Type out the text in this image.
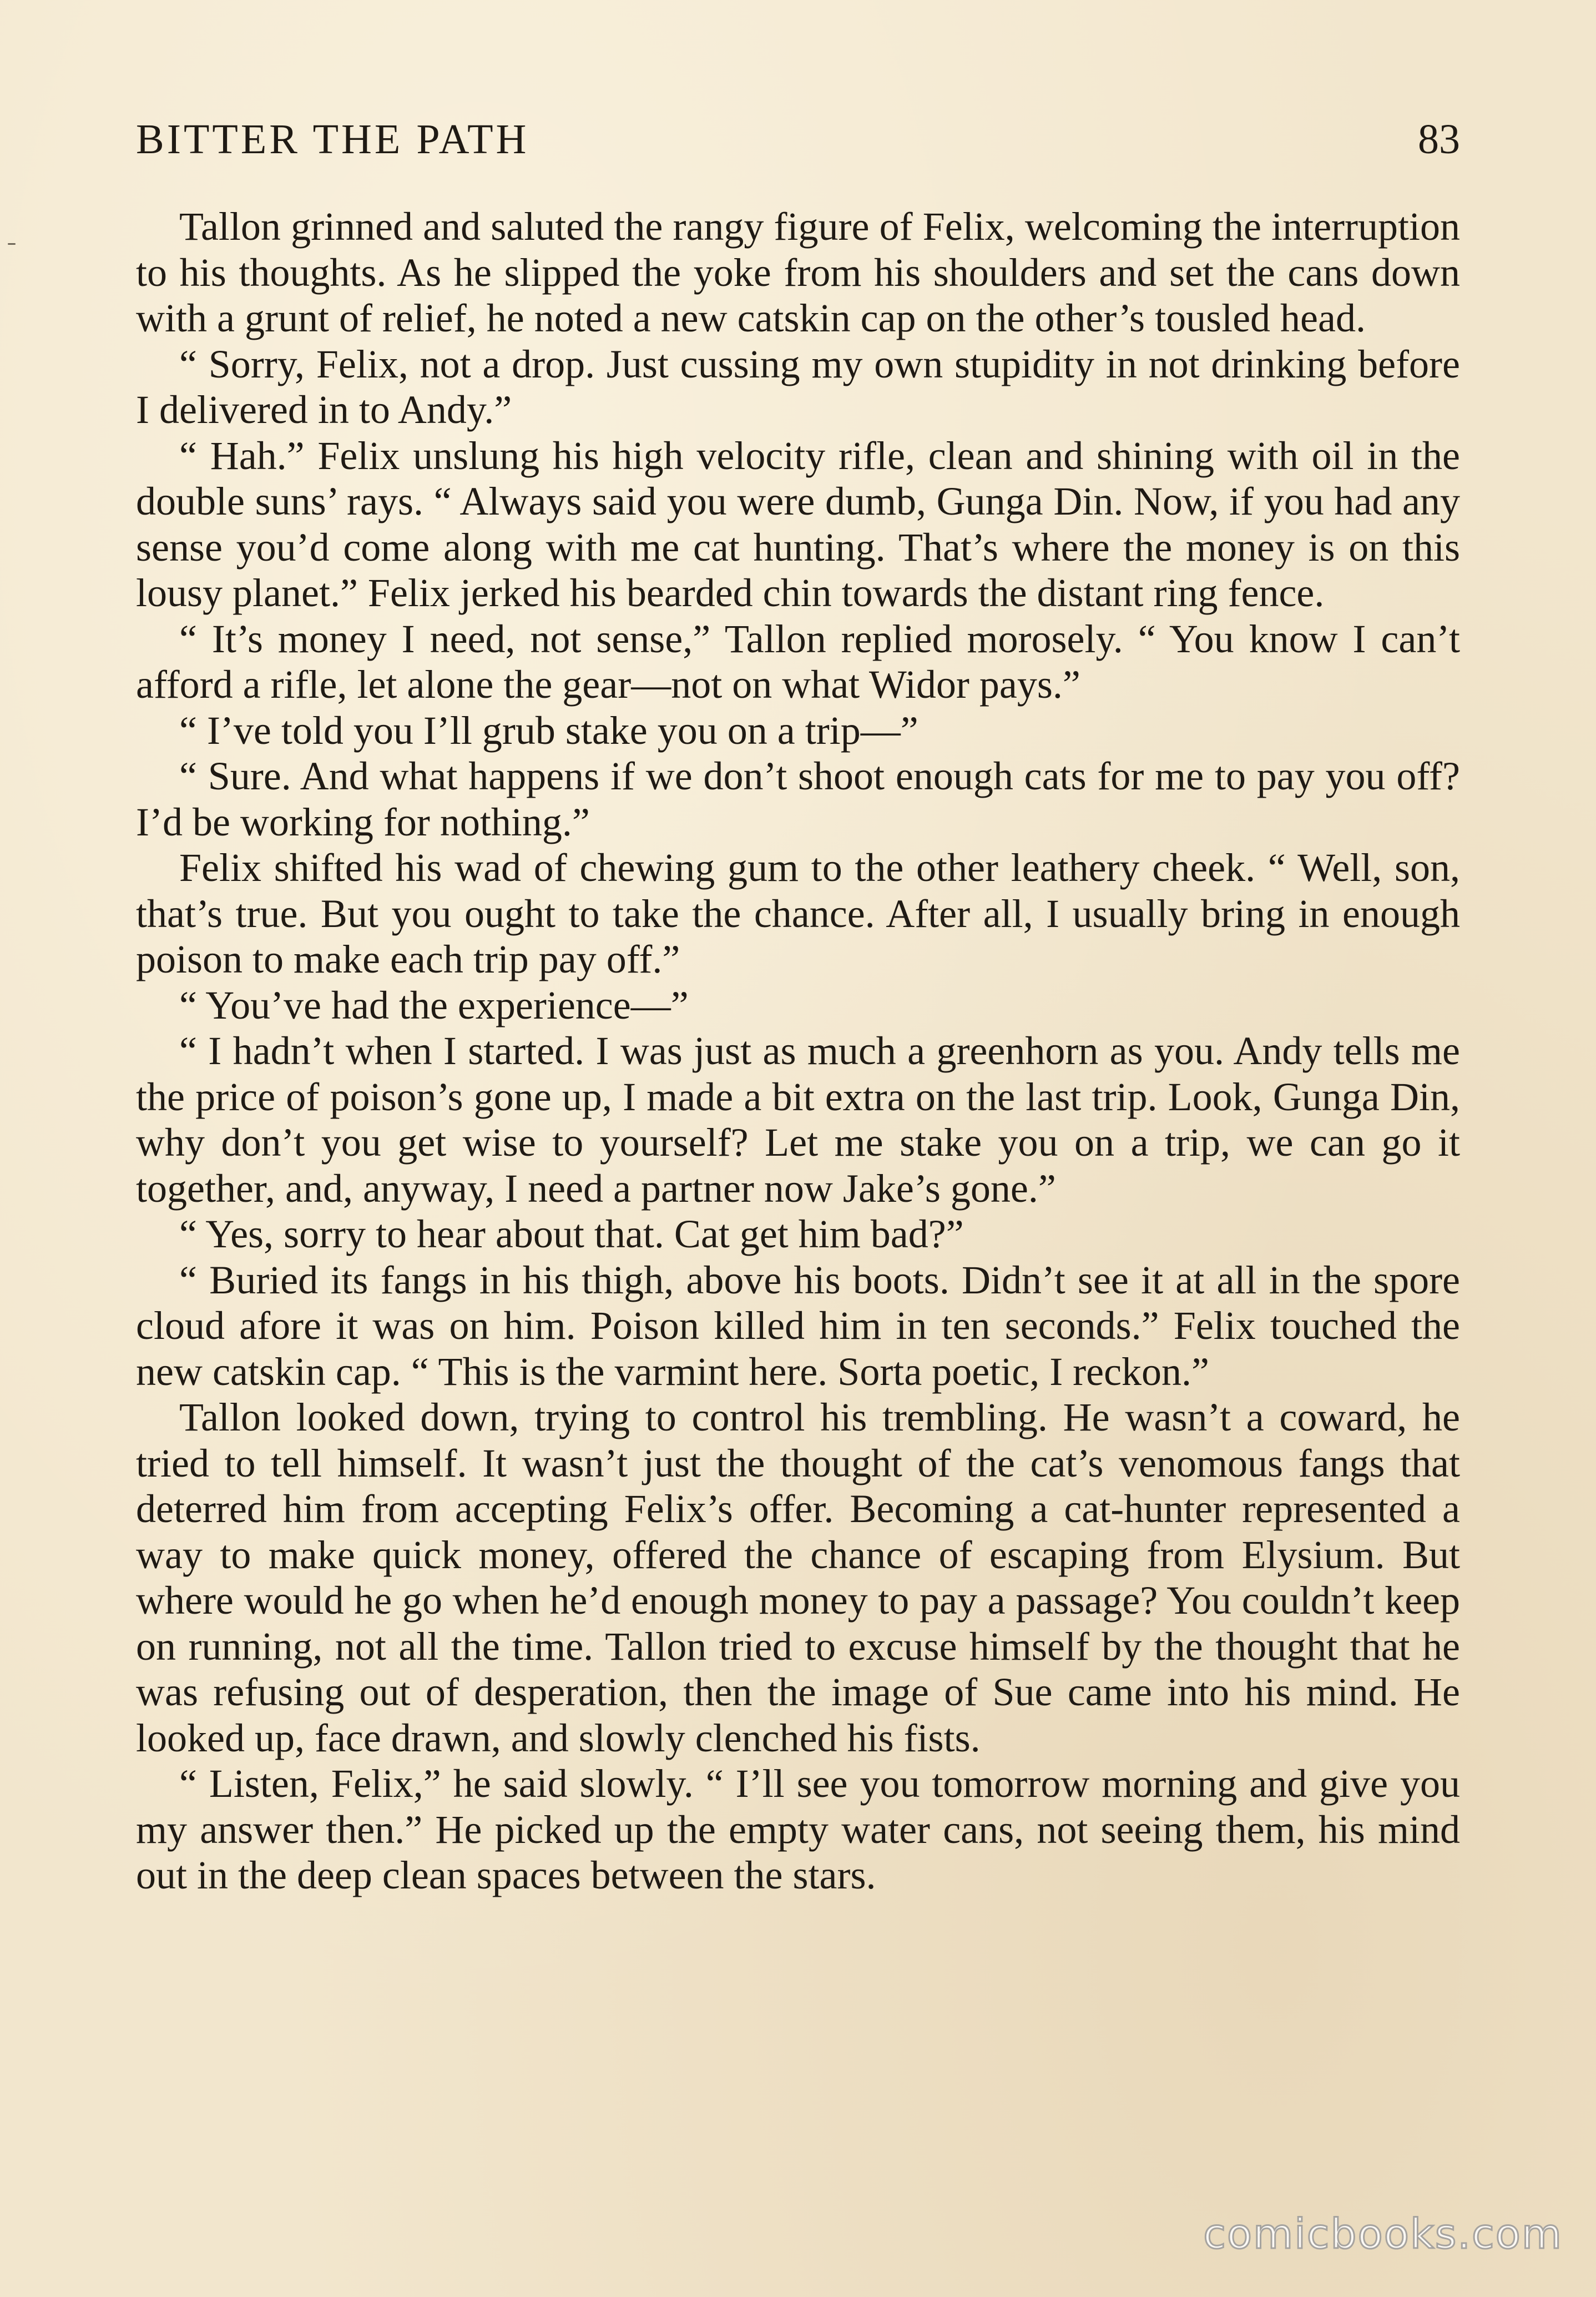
BITTER THE PATH	83

Tallon grinned and saluted the rangy figure of Felix, welcoming the interruption to his thoughts. As he slipped the yoke from his shoulders and set the cans down with a grunt of relief, he noted a new catskin cap on the other’s tousled head.

“ Sorry, Felix, not a drop. Just cussing my own stupidity in not drinking before I delivered in to Andy.”

“ Hah.” Felix unslung his high velocity rifle, clean and shining with oil in the double suns’ rays. “ Always said you were dumb, Gunga Din. Now, if you had any sense you’d come along with me cat hunting. That’s where the money is on this lousy planet.” Felix jerked his bearded chin towards the distant ring fence.

“ It’s money I need, not sense,” Tallon replied morosely. “ You know I can’t afford a rifle, let alone the gear—not on what Widor pays.”

“ I’ve told you I’ll grub stake you on a trip—”

“ Sure. And what happens if we don’t shoot enough cats for me to pay you off? I’d be working for nothing.”

Felix shifted his wad of chewing gum to the other leathery cheek. “ Well, son, that’s true. But you ought to take the chance. After all, I usually bring in enough poison to make each trip pay off.”

“ You’ve had the experience—”

“ I hadn’t when I started. I was just as much a greenhorn as you. Andy tells me the price of poison’s gone up, I made a bit extra on the last trip. Look, Gunga Din, why don’t you get wise to yourself? Let me stake you on a trip, we can go it together, and, anyway, I need a partner now Jake’s gone.”

“ Yes, sorry to hear about that. Cat get him bad?”

“ Buried its fangs in his thigh, above his boots. Didn’t see it at all in the spore cloud afore it was on him. Poison killed him in ten seconds.” Felix touched the new catskin cap. “ This is the varmint here. Sorta poetic, I reckon.”

Tallon looked down, trying to control his trembling. He wasn’t a coward, he tried to tell himself. It wasn’t just the thought of the cat’s venomous fangs that deterred him from accepting Felix’s offer. Becoming a cat-hunter represented a way to make quick money, offered the chance of escaping from Elysium. But where would he go when he’d enough money to pay a passage? You couldn’t keep on running, not all the time. Tallon tried to excuse himself by the thought that he was refusing out of desperation, then the image of Sue came into his mind. He looked up, face drawn, and slowly clenched his fists.

“ Listen, Felix,” he said slowly. “ I’ll see you tomorrow morning and give you my answer then.” He picked up the empty water cans, not seeing them, his mind out in the deep clean spaces between the stars.

comicbooks.com
